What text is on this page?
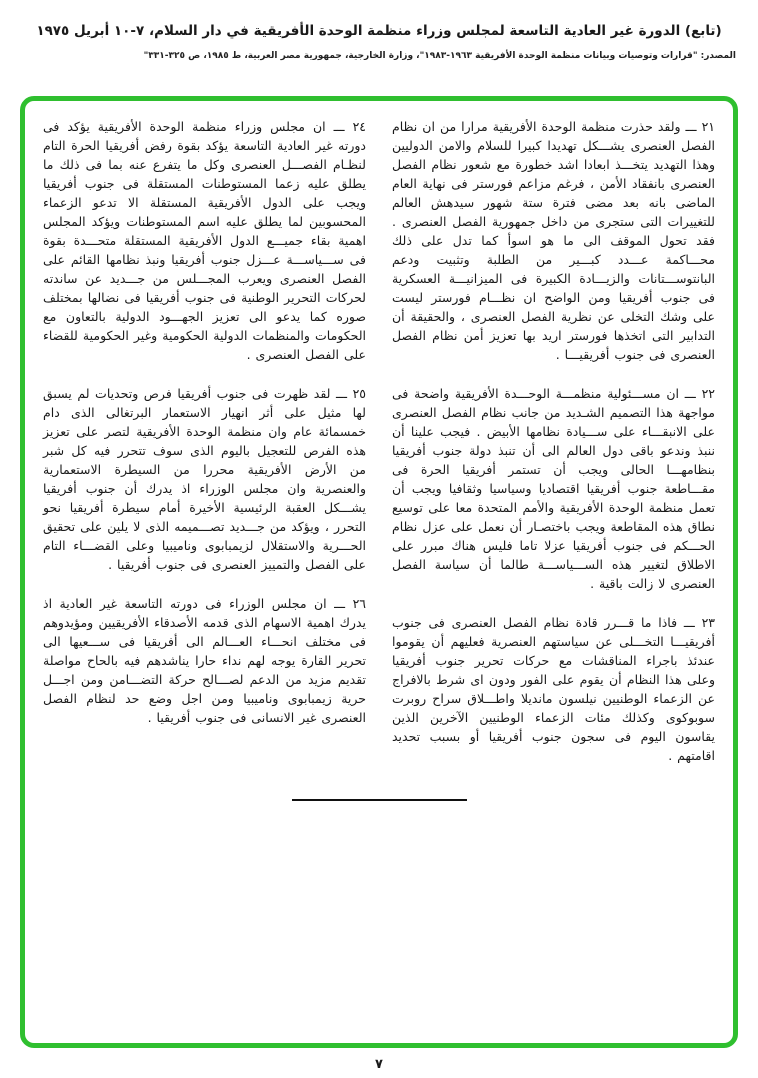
(تابع) الدورة غير العادية التاسعة لمجلس وزراء منظمة الوحدة الأفريقية في دار السلام، ٧-١٠ أبريل ١٩٧٥

المصدر: "قرارات وتوصيات وبيانات منظمة الوحدة الأفريقية ١٩٦٣-١٩٨٣"، وزارة الخارجية، جمهورية مصر العربية، ط ١٩٨٥، ص ٣٢٥-٣٣١"

٢١ ـــ ولقد حذرت منظمة الوحدة الأفريقية مرارا من ان نظام الفصل العنصرى يشـــكل تهديدا كبيرا للسلام والامن الدوليين وهذا التهديد يتخـــذ ابعادا اشد خطورة مع شعور نظام الفصل العنصرى بانفقاد الأمن ، فرغم مزاعم فورستر فى نهاية العام الماضى بانه بعد مضى فترة ستة شهور سيدهش العالم للتغييرات التى ستجرى من داخل جمهورية الفصل العنصرى . فقد تحول الموقف الى ما هو اسوأ كما تدل على ذلك محـــاكمة عـــدد كبـــير من الطلبة وتثبيت ودعم البانتوســـتانات والزيـــادة الكبيرة فى الميزانيـــة العسكرية فى جنوب أفريقيا ومن الواضح ان نظـــام فورستر ليست على وشك التخلى عن نظرية الفصل العنصرى ، والحقيقة أن التدابير التى اتخذها فورستر اريد بها تعزيز أمن نظام الفصل العنصرى فى جنوب أفريقيـــا .

٢٢ ـــ ان مســـئولية منظمـــة الوحـــدة الأفريقية واضحة فى مواجهة هذا التصميم الشـديد من جانب نظام الفصل العنصرى على الانبقـــاء على ســـيادة نظامها الأبيض . فيجب علينا أن ننبذ وندعو باقى دول العالم الى أن تنبذ دولة جنوب أفريقيا بنظامهـــا الحالى ويجب أن تستمر أفريقيا الحرة فى مقـــاطعة جنوب أفريقيا اقتصاديا وسياسيا وثقافيا ويجب أن تعمل منظمة الوحدة الأفريقية والأمم المتحدة معا على توسيع نطاق هذه المقاطعة ويجب باختصـار أن نعمل على عزل نظام الحـــكم فى جنوب أفريقيا عزلا تاما فليس هناك مبرر على الاطلاق لتغيير هذه الســـياســـة طالما أن سياسة الفصل العنصرى لا زالت باقية .

٢٣ ـــ فاذا ما قـــرر قادة نظام الفصل العنصرى فى جنوب أفريقيـــا التخـــلى عن سياستهم العنصرية فعليهم أن يقوموا عندئذ باجراء المناقشات مع حركات تحرير جنوب أفريقيا وعلى هذا النظام أن يقوم على الفور ودون اى شرط بالافراج عن الزعماء الوطنيين نيلسون مانديلا واطـــلاق سراح روبرت سوبوكوى وكذلك مئات الزعماء الوطنيين الآخرين الذين يقاسون اليوم فى سجون جنوب أفريقيا أو بسبب تحديد اقامتهم .

٢٤ ـــ ان مجلس وزراء منظمة الوحدة الأفريقية يؤكد فى دورته غير العادية التاسعة يؤكد بقوة رفض أفريقيا الحرة التام لنظـام الفصـــل العنصرى وكل ما يتفرع عنه بما فى ذلك ما يطلق عليه زعما المستوطنات المستقلة فى جنوب أفريقيا ويجب على الدول الأفريقية المستقلة الا تدعو الزعماء المحسوبين لما يطلق عليه اسم المستوطنات ويؤكد المجلس اهمية بقاء جميـــع الدول الأفريقية المستقلة متحـــدة بقوة فى ســـياســـة عـــزل جنوب أفريقيا ونبذ نظامها القائم على الفصل العنصرى ويعرب المجـــلس من جـــديد عن ساندته لحركات التحرير الوطنية فى جنوب أفريقيا فى نضالها بمختلف صوره كما يدعو الى تعزيز الجهـــود الدولية بالتعاون مع الحكومات والمنظمات الدولية الحكومية وغير الحكومية للقضاء على الفصل العنصرى .

٢٥ ـــ لقد ظهرت فى جنوب أفريقيا فرص وتحديات لم يسبق لها مثيل على أثر انهيار الاستعمار البرتغالى الذى دام خمسمائة عام وان منظمة الوحدة الأفريقية لتصر على تعزيز هذه الفرص للتعجيل باليوم الذى سوف تتحرر فيه كل شبر من الأرض الأفريقية محررا من السيطرة الاستعمارية والعنصرية وان مجلس الوزراء اذ يدرك أن جنوب أفريقيا يشـــكل العقبة الرئيسية الأخيرة أمام سيطرة أفريقيا نحو التحرر ، ويؤكد من جـــديد تصـــميمه الذى لا يلين على تحقيق الحـــرية والاستقلال لزيمبابوى وناميبيا وعلى القضـــاء التام على الفصل والتمييز العنصرى فى جنوب أفريقيا .

٢٦ ـــ ان مجلس الوزراء فى دورته التاسعة غير العادية اذ يدرك اهمية الاسهام الذى قدمه الأصدقاء الأفريقيين ومؤيدوهم فى مختلف انحـــاء العـــالم الى أفريقيا فى ســـعيها الى تحرير القارة يوجه لهم نداء حارا يناشدهم فيه بالحاح مواصلة تقديم مزيد من الدعم لصـــالح حركة التضـــامن ومن اجـــل حرية زيمبابوى وناميبيا ومن اجل وضع حد لنظام الفصل العنصرى غير الانسانى فى جنوب أفريقيا .

٧
